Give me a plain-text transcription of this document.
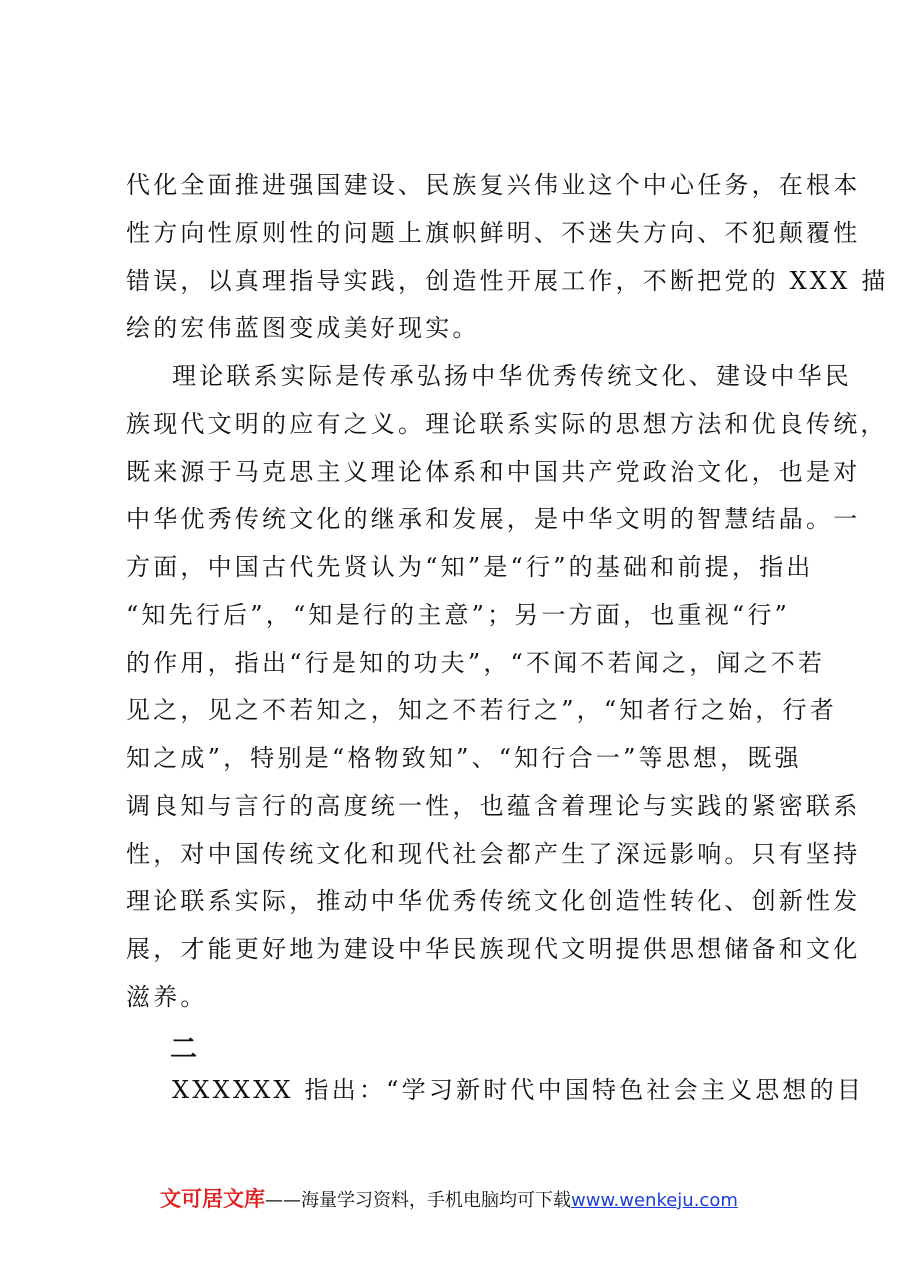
代化全面推进强国建设、民族复兴伟业这个中心任务，在根本
性方向性原则性的问题上旗帜鲜明、不迷失方向、不犯颠覆性
错误，以真理指导实践，创造性开展工作，不断把党的 XXX 描
绘的宏伟蓝图变成美好现实。
理论联系实际是传承弘扬中华优秀传统文化、建设中华民
族现代文明的应有之义。理论联系实际的思想方法和优良传统，
既来源于马克思主义理论体系和中国共产党政治文化，也是对
中华优秀传统文化的继承和发展，是中华文明的智慧结晶。一
方面，中国古代先贤认为“知”是“行”的基础和前提，指出
“知先行后”，“知是行的主意”；另一方面，也重视“行”
的作用，指出“行是知的功夫”，“不闻不若闻之，闻之不若
见之，见之不若知之，知之不若行之”，“知者行之始，行者
知之成”，特别是“格物致知”、“知行合一”等思想，既强
调良知与言行的高度统一性，也蕴含着理论与实践的紧密联系
性，对中国传统文化和现代社会都产生了深远影响。只有坚持
理论联系实际，推动中华优秀传统文化创造性转化、创新性发
展，才能更好地为建设中华民族现代文明提供思想储备和文化
滋养。
二
XXXXXX 指出：“学习新时代中国特色社会主义思想的目
文可居文库——海量学习资料，手机电脑均可下载www.wenkeju.com
